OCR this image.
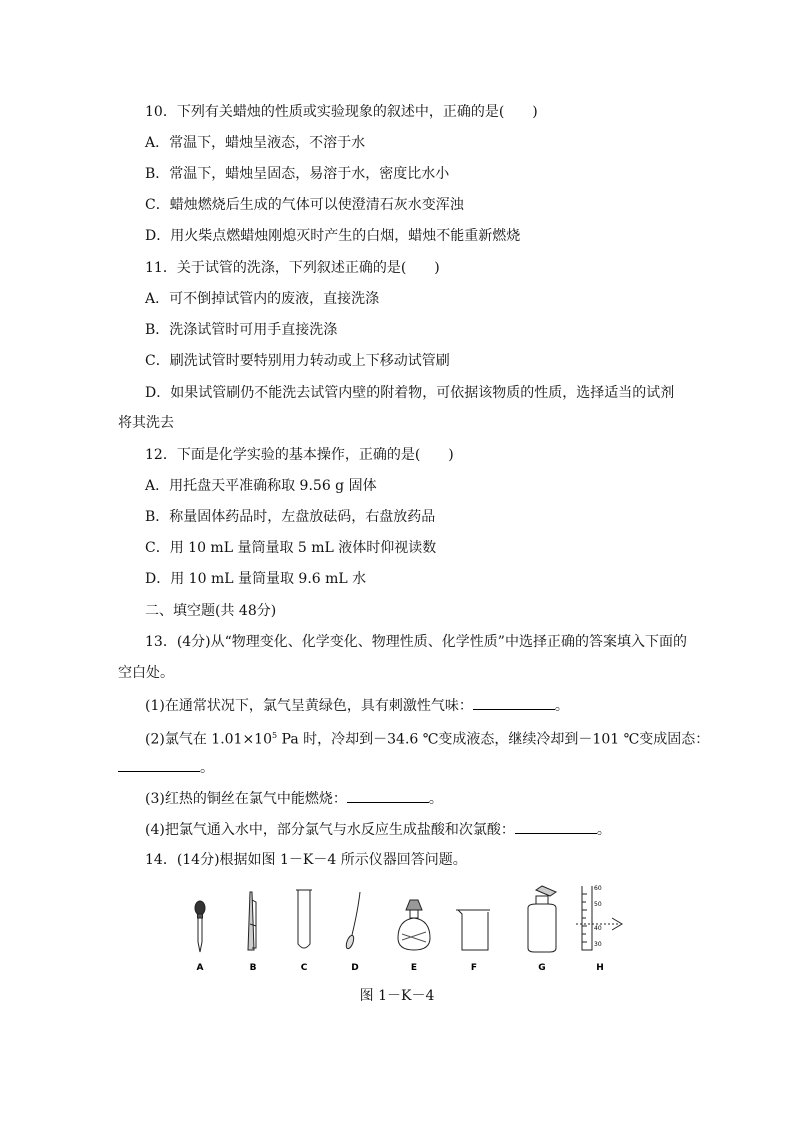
10．下列有关蜡烛的性质或实验现象的叙述中，正确的是(　　)
A．常温下，蜡烛呈液态，不溶于水
B．常温下，蜡烛呈固态，易溶于水，密度比水小
C．蜡烛燃烧后生成的气体可以使澄清石灰水变浑浊
D．用火柴点燃蜡烛刚熄灭时产生的白烟，蜡烛不能重新燃烧
11．关于试管的洗涤，下列叙述正确的是(　　)
A．可不倒掉试管内的废液，直接洗涤
B．洗涤试管时可用手直接洗涤
C．刷洗试管时要特别用力转动或上下移动试管刷
D．如果试管刷仍不能洗去试管内壁的附着物，可依据该物质的性质，选择适当的试剂
将其洗去
12．下面是化学实验的基本操作，正确的是(　　)
A．用托盘天平准确称取 9.56 g 固体
B．称量固体药品时，左盘放砝码，右盘放药品
C．用 10 mL 量筒量取 5 mL 液体时仰视读数
D．用 10 mL 量筒量取 9.6 mL 水
二、填空题(共 48分)
13．(4分)从“物理变化、化学变化、物理性质、化学性质”中选择正确的答案填入下面的
空白处。
(1)在通常状况下，氯气呈黄绿色，具有刺激性气味：	。
(2)氯气在 $1.01\times 10^5$ Pa 时，冷却到－34.6 ℃变成液态，继续冷却到－101 ℃变成固态：
。
(3)红热的铜丝在氯气中能燃烧：	。
(4)把氯气通入水中，部分氯气与水反应生成盐酸和次氯酸：	。
14．(14分)根据如图 1－K－4 所示仪器回答问题。
A	B	C	D	E	F	G	H
60
50
40
30
图 1－K－4
